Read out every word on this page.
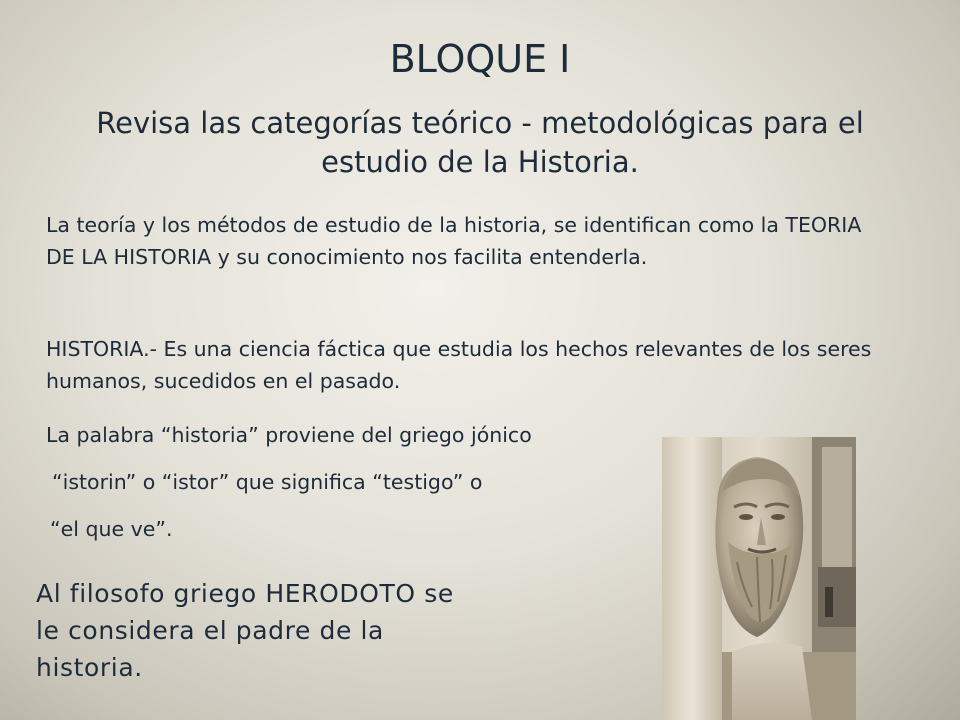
BLOQUE I
Revisa las categorías teórico - metodológicas para el estudio de la Historia.
La teoría y los métodos de estudio de la historia, se identifican como la TEORIA DE LA HISTORIA y su conocimiento nos facilita entenderla.
HISTORIA.- Es una ciencia fáctica que estudia los hechos relevantes de los seres humanos, sucedidos en el pasado.
La palabra “historia” proviene del griego jónico
“istorin” o “istor” que significa “testigo” o
“el que ve”.
Al filosofo griego HERODOTO se le considera el padre de la historia.
